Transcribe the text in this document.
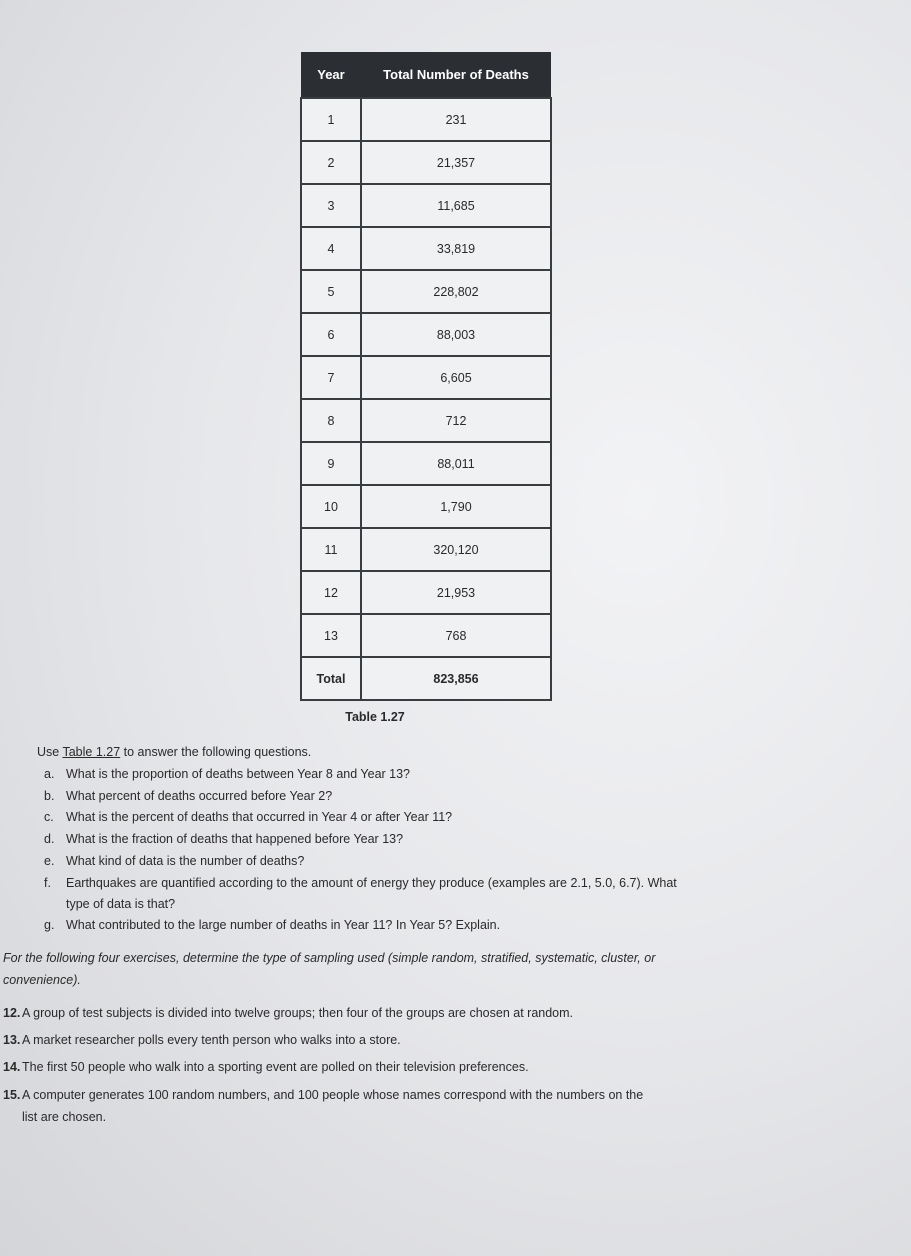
Year	Total Number of Deaths
1	231
2	21,357
3	11,685
4	33,819
5	228,802
6	88,003
7	6,605
8	712
9	88,011
10	1,790
11	320,120
12	21,953
13	768
Total	823,856
Table 1.27
Use Table 1.27 to answer the following questions.
a. What is the proportion of deaths between Year 8 and Year 13?
b. What percent of deaths occurred before Year 2?
c. What is the percent of deaths that occurred in Year 4 or after Year 11?
d. What is the fraction of deaths that happened before Year 13?
e. What kind of data is the number of deaths?
f. Earthquakes are quantified according to the amount of energy they produce (examples are 2.1, 5.0, 6.7). What
type of data is that?
g. What contributed to the large number of deaths in Year 11? In Year 5? Explain.
For the following four exercises, determine the type of sampling used (simple random, stratified, systematic, cluster, or
convenience).
12. A group of test subjects is divided into twelve groups; then four of the groups are chosen at random.
13. A market researcher polls every tenth person who walks into a store.
14. The first 50 people who walk into a sporting event are polled on their television preferences.
15. A computer generates 100 random numbers, and 100 people whose names correspond with the numbers on the
list are chosen.
